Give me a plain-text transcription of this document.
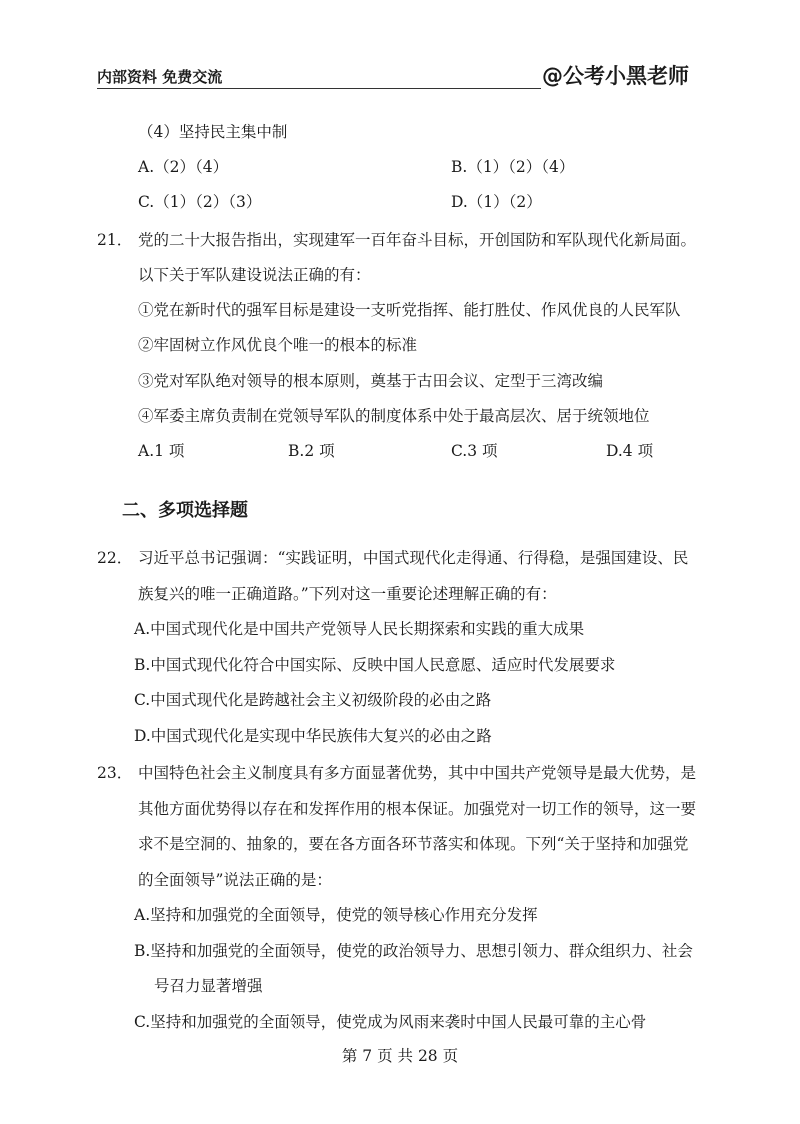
内部资料 免费交流	@公考小黑老师
（4）坚持民主集中制
A.（2）（4）	B.（1）（2）（4）
C.（1）（2）（3）	D.（1）（2）
21． 党的二十大报告指出，实现建军一百年奋斗目标，开创国防和军队现代化新局面。
以下关于军队建设说法正确的有：
①党在新时代的强军目标是建设一支听党指挥、能打胜仗、作风优良的人民军队
②牢固树立作风优良个唯一的根本的标准
③党对军队绝对领导的根本原则，奠基于古田会议、定型于三湾改编
④军委主席负责制在党领导军队的制度体系中处于最高层次、居于统领地位
A.1 项	B.2 项	C.3 项	D.4 项
二、多项选择题
22． 习近平总书记强调：“实践证明，中国式现代化走得通、行得稳，是强国建设、民
族复兴的唯一正确道路。”下列对这一重要论述理解正确的有：
A.中国式现代化是中国共产党领导人民长期探索和实践的重大成果
B.中国式现代化符合中国实际、反映中国人民意愿、适应时代发展要求
C.中国式现代化是跨越社会主义初级阶段的必由之路
D.中国式现代化是实现中华民族伟大复兴的必由之路
23． 中国特色社会主义制度具有多方面显著优势，其中中国共产党领导是最大优势，是
其他方面优势得以存在和发挥作用的根本保证。加强党对一切工作的领导，这一要
求不是空洞的、抽象的，要在各方面各环节落实和体现。下列“关于坚持和加强党
的全面领导”说法正确的是：
A.坚持和加强党的全面领导，使党的领导核心作用充分发挥
B.坚持和加强党的全面领导，使党的政治领导力、思想引领力、群众组织力、社会
号召力显著增强
C.坚持和加强党的全面领导，使党成为风雨来袭时中国人民最可靠的主心骨
第 7 页 共 28 页
